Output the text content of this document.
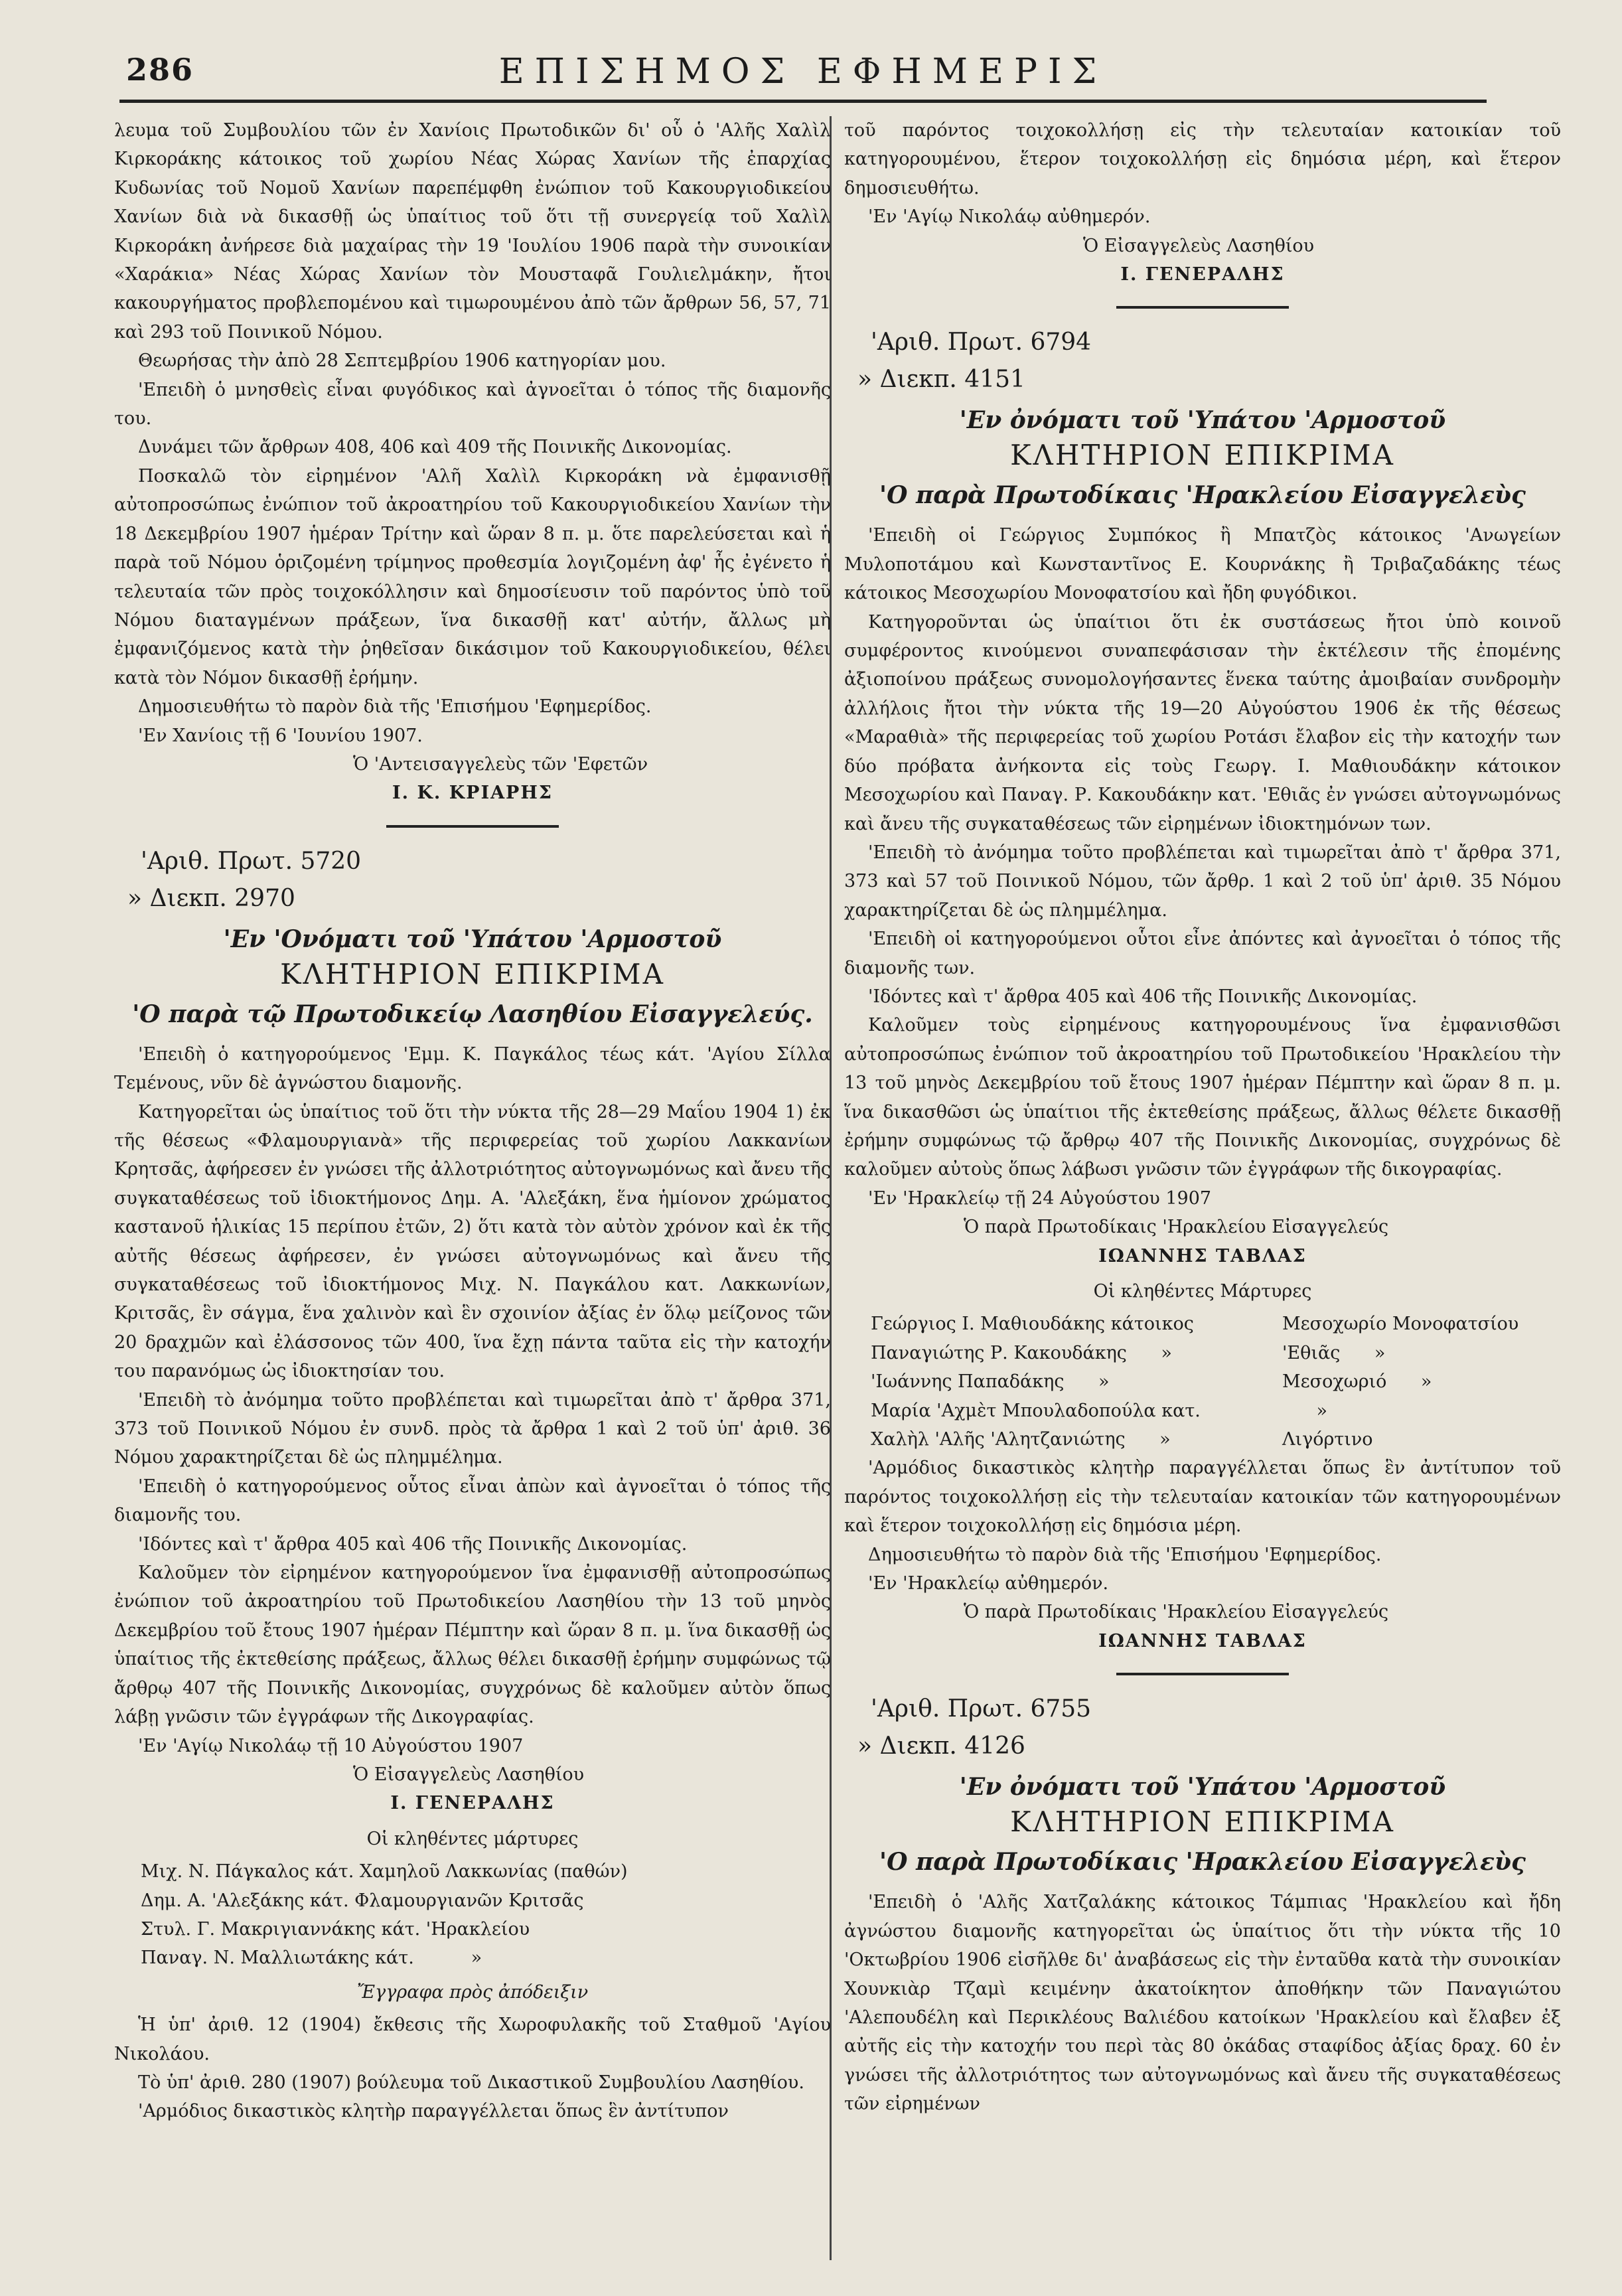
286	ΕΠΙΣΗΜΟΣ ΕΦΗΜΕΡΙΣ

λευμα τοῦ Συμβουλίου τῶν ἐν Χανίοις Πρωτοδικῶν δι' οὗ ὁ 'Αλῆς Χαλὶλ Κιρκοράκης κάτοικος τοῦ χωρίου Νέας Χώρας Χανίων τῆς ἐπαρχίας Κυδωνίας τοῦ Νομοῦ Χανίων παρεπέμφθη ἐνώπιον τοῦ Κακουργιοδικείου Χανίων διὰ νὰ δικασθῇ ὡς ὑπαίτιος τοῦ ὅτι τῇ συνεργείᾳ τοῦ Χαλὶλ Κιρκοράκη ἀνήρεσε διὰ μαχαίρας τὴν 19 'Ιουλίου 1906 παρὰ τὴν συνοικίαν «Χαράκια» Νέας Χώρας Χανίων τὸν Μουσταφᾶ Γουλιελμάκην, ἤτοι κακουργήματος προβλεπομένου καὶ τιμωρουμένου ἀπὸ τῶν ἄρθρων 56, 57, 71 καὶ 293 τοῦ Ποινικοῦ Νόμου.

Θεωρήσας τὴν ἀπὸ 28 Σεπτεμβρίου 1906 κατηγορίαν μου.

'Επειδὴ ὁ μνησθεὶς εἶναι φυγόδικος καὶ ἀγνοεῖται ὁ τόπος τῆς διαμονῆς του.

Δυνάμει τῶν ἄρθρων 408, 406 καὶ 409 τῆς Ποινικῆς Δικονομίας.

Ποσκαλῶ τὸν εἰρημένον 'Αλῆ Χαλὶλ Κιρκοράκη νὰ ἐμφανισθῇ αὐτοπροσώπως ἐνώπιον τοῦ ἀκροατηρίου τοῦ Κακουργιοδικείου Χανίων τὴν 18 Δεκεμβρίου 1907 ἡμέραν Τρίτην καὶ ὥραν 8 π. μ. ὅτε παρελεύσεται καὶ ἡ παρὰ τοῦ Νόμου ὁριζομένη τρίμηνος προθεσμία λογιζομένη ἀφ' ἧς ἐγένετο ἡ τελευταία τῶν πρὸς τοιχοκόλλησιν καὶ δημοσίευσιν τοῦ παρόντος ὑπὸ τοῦ Νόμου διαταγμένων πράξεων, ἵνα δικασθῇ κατ' αὐτήν, ἄλλως μὴ ἐμφανιζόμενος κατὰ τὴν ῥηθεῖσαν δικάσιμον τοῦ Κακουργιοδικείου, θέλει κατὰ τὸν Νόμον δικασθῇ ἐρήμην.

Δημοσιευθήτω τὸ παρὸν διὰ τῆς 'Επισήμου 'Εφημερίδος.

'Εν Χανίοις τῇ 6 'Ιουνίου 1907.

Ὁ 'Αντεισαγγελεὺς τῶν 'Εφετῶν

Ι. Κ. ΚΡΙΑΡΗΣ

'Αριθ. Πρωτ. 5720

» Διεκπ. 2970

'Εν 'Ονόματι τοῦ 'Υπάτου 'Αρμοστοῦ

ΚΛΗΤΗΡΙΟΝ ΕΠΙΚΡΙΜΑ

'Ο παρὰ τῷ Πρωτοδικείῳ Λασηθίου Εἰσαγγελεύς.

'Επειδὴ ὁ κατηγορούμενος 'Εμμ. Κ. Παγκάλος τέως κάτ. 'Αγίου Σίλλα Τεμένους, νῦν δὲ ἀγνώστου διαμονῆς.

Κατηγορεῖται ὡς ὑπαίτιος τοῦ ὅτι τὴν νύκτα τῆς 28—29 Μαΐου 1904 1) ἐκ τῆς θέσεως «Φλαμουργιανὰ» τῆς περιφερείας τοῦ χωρίου Λακκανίων Κρητσᾶς, ἀφήρεσεν ἐν γνώσει τῆς ἀλλοτριότητος αὐτογνωμόνως καὶ ἄνευ τῆς συγκαταθέσεως τοῦ ἰδιοκτήμονος Δημ. Α. 'Αλεξάκη, ἕνα ἡμίονον χρώματος καστανοῦ ἡλικίας 15 περίπου ἐτῶν, 2) ὅτι κατὰ τὸν αὐτὸν χρόνον καὶ ἐκ τῆς αὐτῆς θέσεως ἀφήρεσεν, ἐν γνώσει αὐτογνωμόνως καὶ ἄνευ τῆς συγκαταθέσεως τοῦ ἰδιοκτήμονος Μιχ. Ν. Παγκάλου κατ. Λακκωνίων, Κριτσᾶς, ἓν σάγμα, ἕνα χαλινὸν καὶ ἓν σχοινίον ἀξίας ἐν ὅλῳ μείζονος τῶν 20 δραχμῶν καὶ ἐλάσσονος τῶν 400, ἵνα ἔχῃ πάντα ταῦτα εἰς τὴν κατοχήν του παρανόμως ὡς ἰδιοκτησίαν του.

'Επειδὴ τὸ ἀνόμημα τοῦτο προβλέπεται καὶ τιμωρεῖται ἀπὸ τ' ἄρθρα 371, 373 τοῦ Ποινικοῦ Νόμου ἐν συνδ. πρὸς τὰ ἄρθρα 1 καὶ 2 τοῦ ὑπ' ἀριθ. 36 Νόμου χαρακτηρίζεται δὲ ὡς πλημμέλημα.

'Επειδὴ ὁ κατηγορούμενος οὗτος εἶναι ἀπὼν καὶ ἀγνοεῖται ὁ τόπος τῆς διαμονῆς του.

'Ιδόντες καὶ τ' ἄρθρα 405 καὶ 406 τῆς Ποινικῆς Δικονομίας.

Καλοῦμεν τὸν εἰρημένον κατηγορούμενον ἵνα ἐμφανισθῇ αὐτοπροσώπως ἐνώπιον τοῦ ἀκροατηρίου τοῦ Πρωτοδικείου Λασηθίου τὴν 13 τοῦ μηνὸς Δεκεμβρίου τοῦ ἔτους 1907 ἡμέραν Πέμπτην καὶ ὥραν 8 π. μ. ἵνα δικασθῇ ὡς ὑπαίτιος τῆς ἐκτεθείσης πράξεως, ἄλλως θέλει δικασθῇ ἐρήμην συμφώνως τῷ ἄρθρῳ 407 τῆς Ποινικῆς Δικονομίας, συγχρόνως δὲ καλοῦμεν αὐτὸν ὅπως λάβῃ γνῶσιν τῶν ἐγγράφων τῆς Δικογραφίας.

'Εν 'Αγίῳ Νικολάῳ τῇ 10 Αὐγούστου 1907

Ὁ Εἰσαγγελεὺς Λασηθίου

Ι. ΓΕΝΕΡΑΛΗΣ

Οἱ κληθέντες μάρτυρες

Μιχ. Ν. Πάγκαλος κάτ. Χαμηλοῦ Λακκωνίας (παθών)

Δημ. Α. 'Αλεξάκης κάτ. Φλαμουργιανῶν Κριτσᾶς

Στυλ. Γ. Μακριγιαννάκης κάτ. 'Ηρακλείου

Παναγ. Ν. Μαλλιωτάκης κάτ.          »

Ἔγγραφα πρὸς ἀπόδειξιν

Ἡ ὑπ' ἀριθ. 12 (1904) ἔκθεσις τῆς Χωροφυλακῆς τοῦ Σταθμοῦ 'Αγίου Νικολάου.

Τὸ ὑπ' ἀριθ. 280 (1907) βούλευμα τοῦ Δικαστικοῦ Συμβουλίου Λασηθίου.

'Αρμόδιος δικαστικὸς κλητὴρ παραγγέλλεται ὅπως ἓν ἀντίτυπον

τοῦ παρόντος τοιχοκολλήσῃ εἰς τὴν τελευταίαν κατοικίαν τοῦ κατηγορουμένου, ἕτερον τοιχοκολλήσῃ εἰς δημόσια μέρη, καὶ ἕτερον δημοσιευθήτω.

'Εν 'Αγίῳ Νικολάῳ αὐθημερόν.

Ὁ Εἰσαγγελεὺς Λασηθίου

Ι. ΓΕΝΕΡΑΛΗΣ

'Αριθ. Πρωτ. 6794

» Διεκπ. 4151

'Εν ὀνόματι τοῦ 'Υπάτου 'Αρμοστοῦ

ΚΛΗΤΗΡΙΟΝ ΕΠΙΚΡΙΜΑ

'Ο παρὰ Πρωτοδίκαις 'Ηρακλείου Εἰσαγγελεὺς

'Επειδὴ οἱ Γεώργιος Συμπόκος ἢ Μπατζὸς κάτοικος 'Ανωγείων Μυλοποτάμου καὶ Κωνσταντῖνος Ε. Κουρνάκης ἢ Τριβαζαδάκης τέως κάτοικος Μεσοχωρίου Μονοφατσίου καὶ ἤδη φυγόδικοι.

Κατηγοροῦνται ὡς ὑπαίτιοι ὅτι ἐκ συστάσεως ἤτοι ὑπὸ κοινοῦ συμφέροντος κινούμενοι συναπεφάσισαν τὴν ἐκτέλεσιν τῆς ἐπομένης ἀξιοποίνου πράξεως συνομολογήσαντες ἕνεκα ταύτης ἀμοιβαίαν συνδρομὴν ἀλλήλοις ἤτοι τὴν νύκτα τῆς 19—20 Αὐγούστου 1906 ἐκ τῆς θέσεως «Μαραθιὰ» τῆς περιφερείας τοῦ χωρίου Ροτάσι ἔλαβον εἰς τὴν κατοχήν των δύο πρόβατα ἀνήκοντα εἰς τοὺς Γεωργ. Ι. Μαθιουδάκην κάτοικον Μεσοχωρίου καὶ Παναγ. Ρ. Κακουδάκην κατ. 'Εθιᾶς ἐν γνώσει αὐτογνωμόνως καὶ ἄνευ τῆς συγκαταθέσεως τῶν εἰρημένων ἰδιοκτημόνων των.

'Επειδὴ τὸ ἀνόμημα τοῦτο προβλέπεται καὶ τιμωρεῖται ἀπὸ τ' ἄρθρα 371, 373 καὶ 57 τοῦ Ποινικοῦ Νόμου, τῶν ἄρθρ. 1 καὶ 2 τοῦ ὑπ' ἀριθ. 35 Νόμου χαρακτηρίζεται δὲ ὡς πλημμέλημα.

'Επειδὴ οἱ κατηγορούμενοι οὗτοι εἶνε ἀπόντες καὶ ἀγνοεῖται ὁ τόπος τῆς διαμονῆς των.

'Ιδόντες καὶ τ' ἄρθρα 405 καὶ 406 τῆς Ποινικῆς Δικονομίας.

Καλοῦμεν τοὺς εἰρημένους κατηγορουμένους ἵνα ἐμφανισθῶσι αὐτοπροσώπως ἐνώπιον τοῦ ἀκροατηρίου τοῦ Πρωτοδικείου 'Ηρακλείου τὴν 13 τοῦ μηνὸς Δεκεμβρίου τοῦ ἔτους 1907 ἡμέραν Πέμπτην καὶ ὥραν 8 π. μ. ἵνα δικασθῶσι ὡς ὑπαίτιοι τῆς ἐκτεθείσης πράξεως, ἄλλως θέλετε δικασθῇ ἐρήμην συμφώνως τῷ ἄρθρῳ 407 τῆς Ποινικῆς Δικονομίας, συγχρόνως δὲ καλοῦμεν αὐτοὺς ὅπως λάβωσι γνῶσιν τῶν ἐγγράφων τῆς δικογραφίας.

'Εν 'Ηρακλείῳ τῇ 24 Αὐγούστου 1907

Ὁ παρὰ Πρωτοδίκαις 'Ηρακλείου Εἰσαγγελεύς

ΙΩΑΝΝΗΣ ΤΑΒΛΑΣ

Οἱ κληθέντες Μάρτυρες

Γεώργιος Ι. Μαθιουδάκης κάτοικος	Μεσοχωρίο Μονοφατσίου
Παναγιώτης Ρ. Κακουδάκης      »	'Εθιᾶς      »
'Ιωάννης Παπαδάκης      »	Μεσοχωριό      »
Μαρία 'Αχμὲτ Μπουλαδοπούλα κατ.	»
Χαλὴλ 'Αλῆς 'Αλητζανιώτης      »	Λιγόρτινο

'Αρμόδιος δικαστικὸς κλητὴρ παραγγέλλεται ὅπως ἓν ἀντίτυπον τοῦ παρόντος τοιχοκολλήσῃ εἰς τὴν τελευταίαν κατοικίαν τῶν κατηγορουμένων καὶ ἕτερον τοιχοκολλήσῃ εἰς δημόσια μέρη.

Δημοσιευθήτω τὸ παρὸν διὰ τῆς 'Επισήμου 'Εφημερίδος.

'Εν 'Ηρακλείῳ αὐθημερόν.

Ὁ παρὰ Πρωτοδίκαις 'Ηρακλείου Εἰσαγγελεύς

ΙΩΑΝΝΗΣ ΤΑΒΛΑΣ

'Αριθ. Πρωτ. 6755

» Διεκπ. 4126

'Εν ὀνόματι τοῦ 'Υπάτου 'Αρμοστοῦ

ΚΛΗΤΗΡΙΟΝ ΕΠΙΚΡΙΜΑ

'Ο παρὰ Πρωτοδίκαις 'Ηρακλείου Εἰσαγγελεὺς

'Επειδὴ ὁ 'Αλῆς Χατζαλάκης κάτοικος Τάμπιας 'Ηρακλείου καὶ ἤδη ἀγνώστου διαμονῆς κατηγορεῖται ὡς ὑπαίτιος ὅτι τὴν νύκτα τῆς 10 'Οκτωβρίου 1906 εἰσῆλθε δι' ἀναβάσεως εἰς τὴν ἐνταῦθα κατὰ τὴν συνοικίαν Χουνκιὰρ Τζαμὶ κειμένην ἀκατοίκητον ἀποθήκην τῶν Παναγιώτου 'Αλεπουδέλη καὶ Περικλέους Βαλιέδου κατοίκων 'Ηρακλείου καὶ ἔλαβεν ἐξ αὐτῆς εἰς τὴν κατοχήν του περὶ τὰς 80 ὀκάδας σταφίδος ἀξίας δραχ. 60 ἐν γνώσει τῆς ἀλλοτριότητος των αὐτογνωμόνως καὶ ἄνευ τῆς συγκαταθέσεως τῶν εἰρημένων
